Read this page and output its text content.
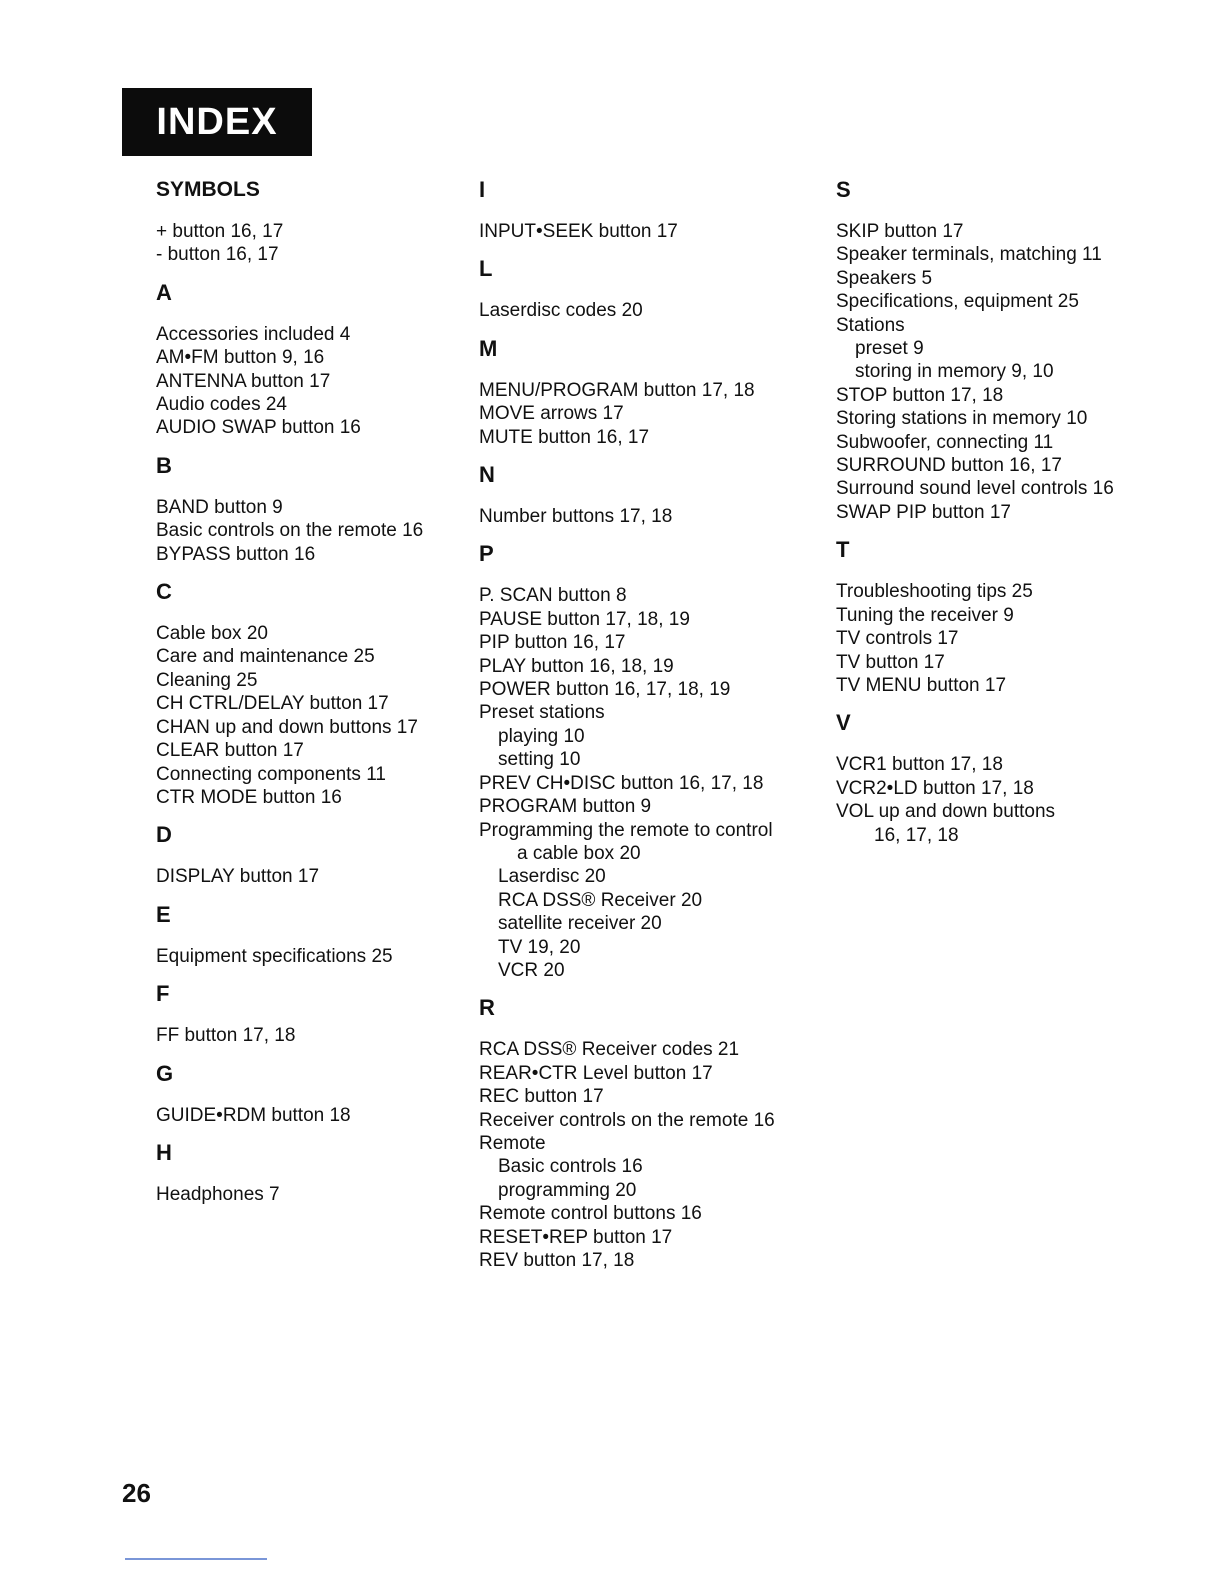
INDEX
SYMBOLS
+ button 16, 17
- button 16, 17
A
Accessories included 4
AM•FM button 9, 16
ANTENNA button 17
Audio codes 24
AUDIO SWAP button 16
B
BAND button 9
Basic controls on the remote 16
BYPASS button 16
C
Cable box 20
Care and maintenance 25
Cleaning 25
CH CTRL/DELAY button 17
CHAN up and down buttons 17
CLEAR button 17
Connecting components 11
CTR MODE button 16
D
DISPLAY button 17
E
Equipment specifications 25
F
FF button 17, 18
G
GUIDE•RDM button 18
H
Headphones 7
I
INPUT•SEEK button 17
L
Laserdisc codes 20
M
MENU/PROGRAM button 17, 18
MOVE arrows 17
MUTE button 16, 17
N
Number buttons 17, 18
P
P. SCAN button 8
PAUSE button 17, 18, 19
PIP button 16, 17
PLAY button 16, 18, 19
POWER button 16, 17, 18, 19
Preset stations
playing 10
setting 10
PREV CH•DISC button 16, 17, 18
PROGRAM button 9
Programming the remote to control
a cable box 20
Laserdisc 20
RCA DSS® Receiver 20
satellite receiver 20
TV 19, 20
VCR 20
R
RCA DSS® Receiver codes 21
REAR•CTR Level button 17
REC button 17
Receiver controls on the remote 16
Remote
Basic controls 16
programming 20
Remote control buttons 16
RESET•REP button 17
REV button 17, 18
S
SKIP button 17
Speaker terminals, matching 11
Speakers 5
Specifications, equipment 25
Stations
preset 9
storing in memory 9, 10
STOP button 17, 18
Storing stations in memory 10
Subwoofer, connecting 11
SURROUND button 16, 17
Surround sound level controls 16
SWAP PIP button 17
T
Troubleshooting tips 25
Tuning the receiver 9
TV controls 17
TV button 17
TV MENU button 17
V
VCR1 button 17, 18
VCR2•LD button 17, 18
VOL up and down buttons
16, 17, 18
26
